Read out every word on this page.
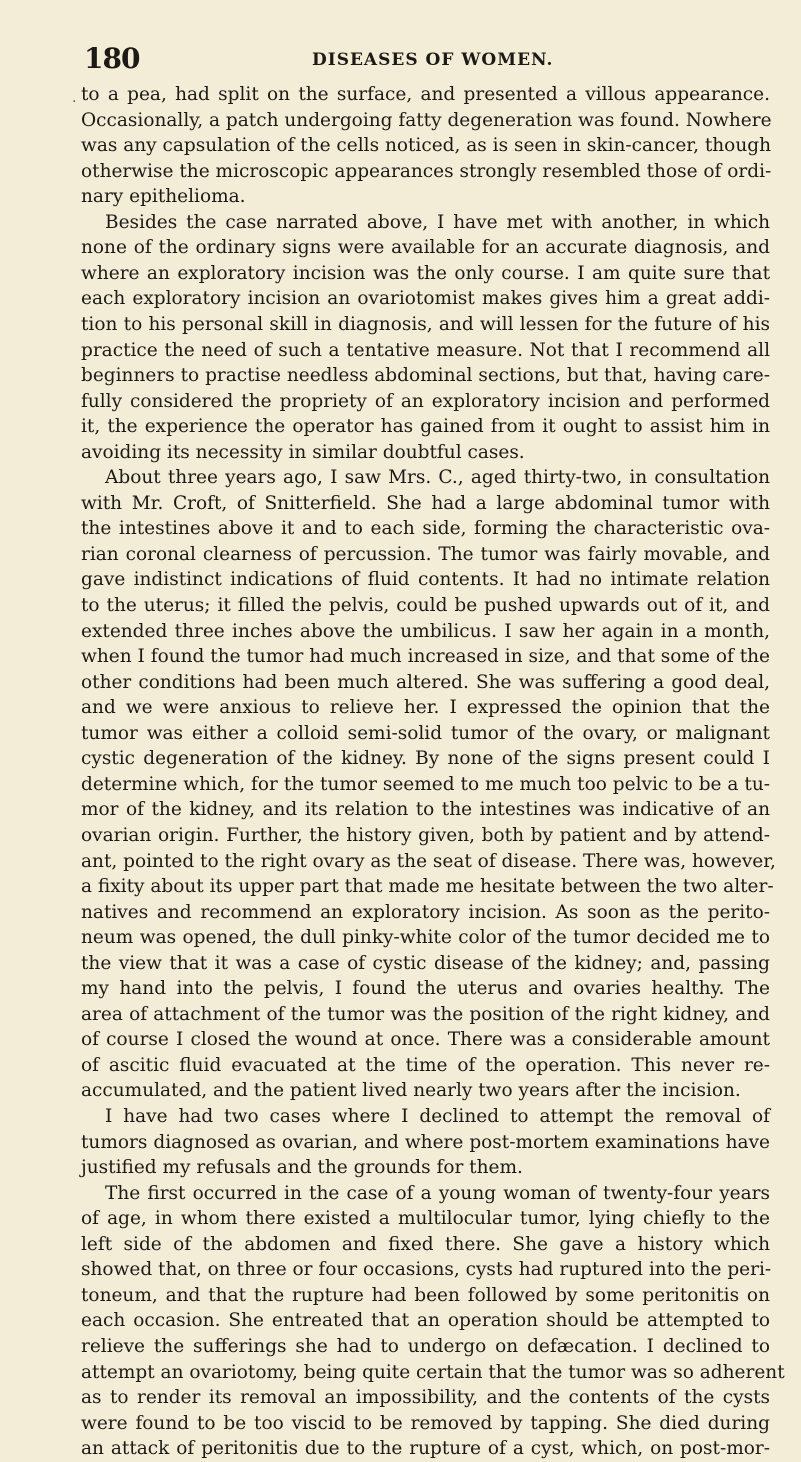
180	DISEASES OF WOMEN.
to a pea, had split on the surface, and presented a villous appearance.
Occasionally, a patch undergoing fatty degeneration was found. Nowhere
was any capsulation of the cells noticed, as is seen in skin-cancer, though
otherwise the microscopic appearances strongly resembled those of ordi-
nary epithelioma.
Besides the case narrated above, I have met with another, in which
none of the ordinary signs were available for an accurate diagnosis, and
where an exploratory incision was the only course. I am quite sure that
each exploratory incision an ovariotomist makes gives him a great addi-
tion to his personal skill in diagnosis, and will lessen for the future of his
practice the need of such a tentative measure. Not that I recommend all
beginners to practise needless abdominal sections, but that, having care-
fully considered the propriety of an exploratory incision and performed
it, the experience the operator has gained from it ought to assist him in
avoiding its necessity in similar doubtful cases.
About three years ago, I saw Mrs. C., aged thirty-two, in consultation
with Mr. Croft, of Snitterfield. She had a large abdominal tumor with
the intestines above it and to each side, forming the characteristic ova-
rian coronal clearness of percussion. The tumor was fairly movable, and
gave indistinct indications of fluid contents. It had no intimate relation
to the uterus; it filled the pelvis, could be pushed upwards out of it, and
extended three inches above the umbilicus. I saw her again in a month,
when I found the tumor had much increased in size, and that some of the
other conditions had been much altered. She was suffering a good deal,
and we were anxious to relieve her. I expressed the opinion that the
tumor was either a colloid semi-solid tumor of the ovary, or malignant
cystic degeneration of the kidney. By none of the signs present could I
determine which, for the tumor seemed to me much too pelvic to be a tu-
mor of the kidney, and its relation to the intestines was indicative of an
ovarian origin. Further, the history given, both by patient and by attend-
ant, pointed to the right ovary as the seat of disease. There was, however,
a fixity about its upper part that made me hesitate between the two alter-
natives and recommend an exploratory incision. As soon as the perito-
neum was opened, the dull pinky-white color of the tumor decided me to
the view that it was a case of cystic disease of the kidney; and, passing
my hand into the pelvis, I found the uterus and ovaries healthy. The
area of attachment of the tumor was the position of the right kidney, and
of course I closed the wound at once. There was a considerable amount
of ascitic fluid evacuated at the time of the operation. This never re-
accumulated, and the patient lived nearly two years after the incision.
I have had two cases where I declined to attempt the removal of
tumors diagnosed as ovarian, and where post-mortem examinations have
justified my refusals and the grounds for them.
The first occurred in the case of a young woman of twenty-four years
of age, in whom there existed a multilocular tumor, lying chiefly to the
left side of the abdomen and fixed there. She gave a history which
showed that, on three or four occasions, cysts had ruptured into the peri-
toneum, and that the rupture had been followed by some peritonitis on
each occasion. She entreated that an operation should be attempted to
relieve the sufferings she had to undergo on defæcation. I declined to
attempt an ovariotomy, being quite certain that the tumor was so adherent
as to render its removal an impossibility, and the contents of the cysts
were found to be too viscid to be removed by tapping. She died during
an attack of peritonitis due to the rupture of a cyst, which, on post-mor-
.
